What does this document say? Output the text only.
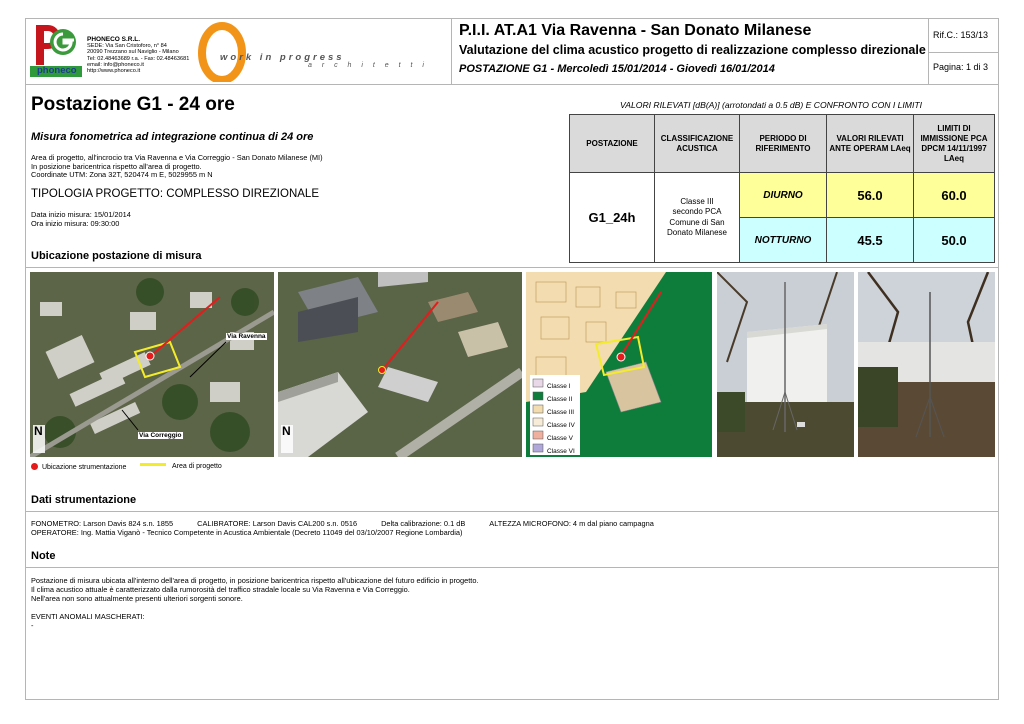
phoneco
PHONECO S.R.L.
SEDE: Via San Cristoforo, n° 84
20090 Trezzano sul Naviglio - Milano
Tel: 02.48463689 r.a. - Fax: 02.48463681
email: info@phoneco.it
http://www.phoneco.it
work in progress
a r c h i t e t t i
P.I.I. AT.A1 Via Ravenna - San Donato Milanese
Valutazione del clima acustico progetto di realizzazione complesso direzionale
POSTAZIONE G1 - Mercoledì 15/01/2014 - Giovedì 16/01/2014
Rif.C.: 153/13
Pagina: 1 di 3
Postazione G1 - 24 ore
Misura fonometrica ad integrazione continua di 24 ore
Area di progetto, all'incrocio tra Via Ravenna e Via Correggio - San Donato Milanese (MI)
In posizione baricentrica rispetto all'area di progetto.
Coordinate UTM: Zona 32T, 520474 m E, 5029955 m N
TIPOLOGIA PROGETTO: COMPLESSO DIREZIONALE
Data inizio misura: 15/01/2014
Ora inizio misura: 09:30:00
Ubicazione postazione di misura
VALORI RILEVATI [dB(A)] (arrotondati a 0.5 dB) E CONFRONTO CON I LIMITI
POSTAZIONE	CLASSIFICAZIONE ACUSTICA	PERIODO DI RIFERIMENTO	VALORI RILEVATI ANTE OPERAM LAeq	LIMITI DI IMMISSIONE PCA DPCM 14/11/1997 LAeq
G1_24h	Classe III secondo PCA Comune di San Donato Milanese	DIURNO	56.0	60.0
		NOTTURNO	45.5	50.0
Via Ravenna
Via Correggio
N	N
Classe I
Classe II
Classe III
Classe IV
Classe V
Classe VI
Ubicazione strumentazione	Area di progetto
Dati strumentazione
FONOMETRO: Larson Davis 824 s.n. 1855	CALIBRATORE: Larson Davis CAL200 s.n. 0516	Delta calibrazione: 0.1 dB	ALTEZZA MICROFONO: 4 m dal piano campagna
OPERATORE: Ing. Mattia Viganò - Tecnico Competente in Acustica Ambientale (Decreto 11049 del 03/10/2007 Regione Lombardia)
Note
Postazione di misura ubicata all'interno dell'area di progetto, in posizione baricentrica rispetto all'ubicazione del futuro edificio in progetto.
Il clima acustico attuale è caratterizzato dalla rumorosità del traffico stradale locale su Via Ravenna e Via Correggio.
Nell'area non sono attualmente presenti ulteriori sorgenti sonore.

EVENTI ANOMALI MASCHERATI:
-
